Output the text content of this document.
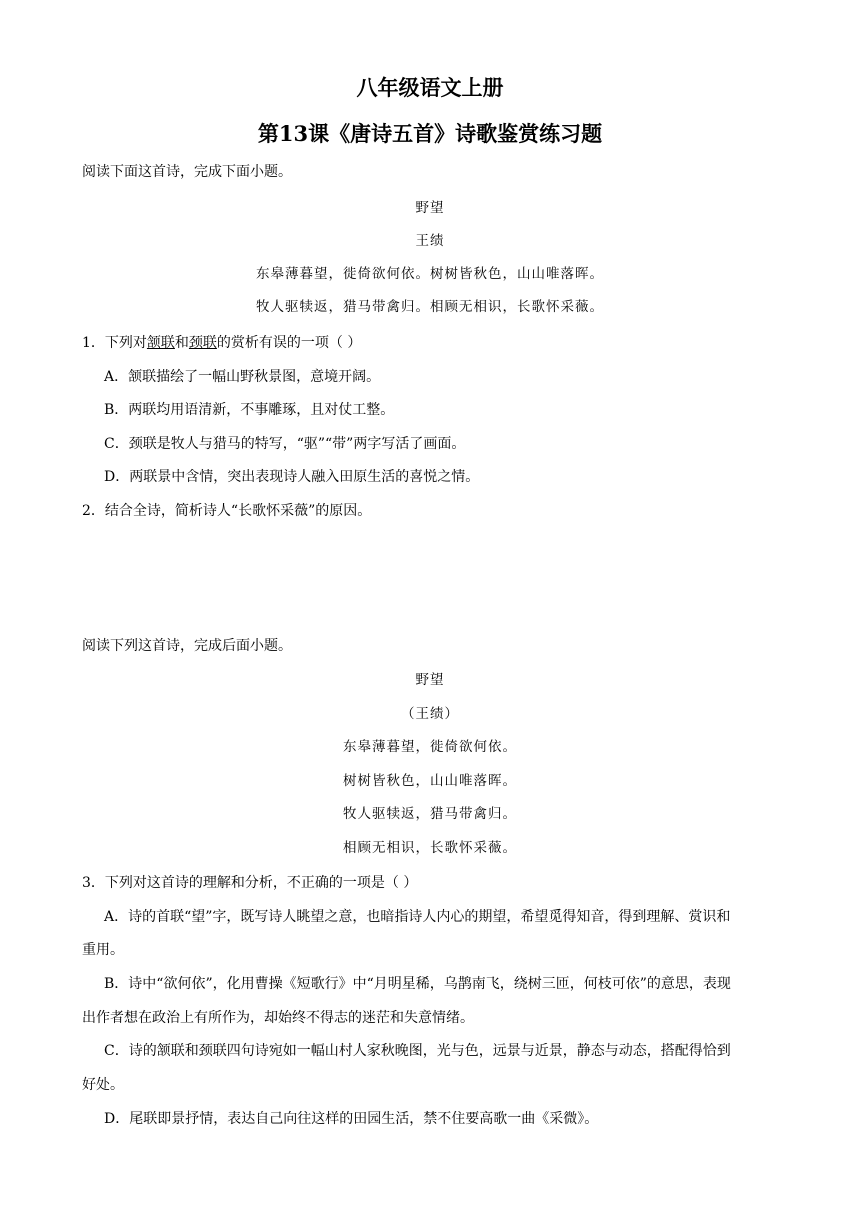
八年级语文上册
第13课《唐诗五首》诗歌鉴赏练习题
阅读下面这首诗，完成下面小题。
野望
王绩
东皋薄暮望，徙倚欲何依。树树皆秋色，山山唯落晖。
牧人驱犊返，猎马带禽归。相顾无相识，长歌怀采薇。
1．下列对颔联和颈联的赏析有误的一项（ ）
A．颔联描绘了一幅山野秋景图，意境开阔。
B．两联均用语清新，不事雕琢，且对仗工整。
C．颈联是牧人与猎马的特写，“驱”“带”两字写活了画面。
D．两联景中含情，突出表现诗人融入田原生活的喜悦之情。
2．结合全诗，简析诗人“长歌怀采薇”的原因。
阅读下列这首诗，完成后面小题。
野望
（王绩）
东皋薄暮望，徙倚欲何依。
树树皆秋色，山山唯落晖。
牧人驱犊返，猎马带禽归。
相顾无相识，长歌怀采薇。
3．下列对这首诗的理解和分析，不正确的一项是（ ）
A．诗的首联“望”字，既写诗人眺望之意，也暗指诗人内心的期望，希望觅得知音，得到理解、赏识和
重用。
B．诗中“欲何依”，化用曹操《短歌行》中“月明星稀，乌鹊南飞，绕树三匝，何枝可依”的意思，表现
出作者想在政治上有所作为，却始终不得志的迷茫和失意情绪。
C．诗的颔联和颈联四句诗宛如一幅山村人家秋晚图，光与色，远景与近景，静态与动态，搭配得恰到
好处。
D．尾联即景抒情，表达自己向往这样的田园生活，禁不住要高歌一曲《采微》。
